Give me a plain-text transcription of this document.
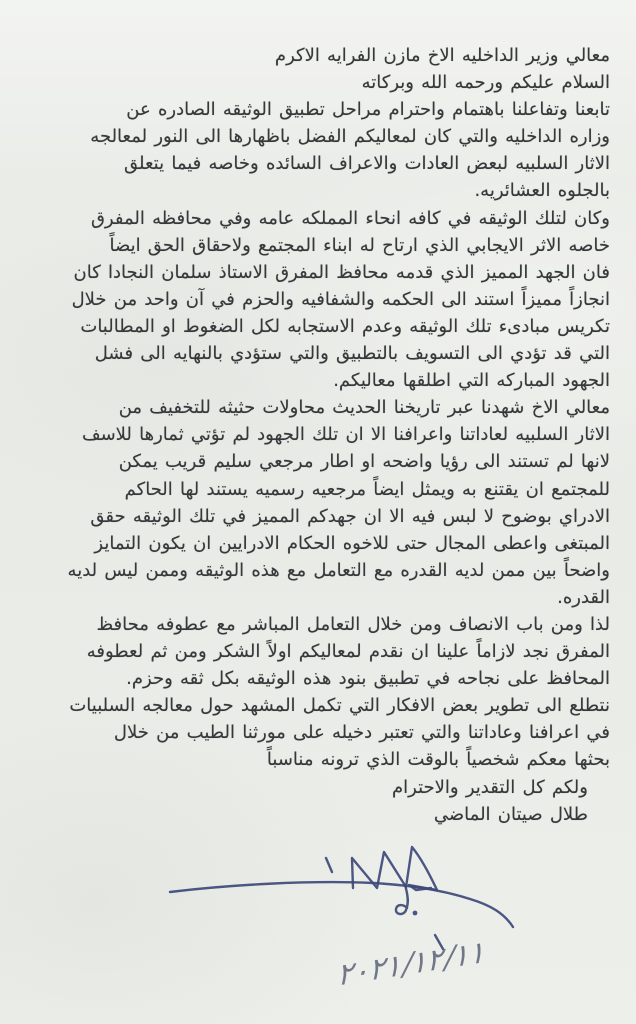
معالي وزير الداخليه الاخ مازن الفرايه الاكرم
السلام عليكم ورحمه الله وبركاته
تابعنا وتفاعلنا باهتمام واحترام مراحل تطبيق الوثيقه الصادره عن
وزاره الداخليه والتي كان لمعاليكم الفضل باظهارها الى النور لمعالجه
الاثار السلبيه لبعض العادات والاعراف السائده وخاصه فيما يتعلق
بالجلوه العشائريه.
وكان لتلك الوثيقه في كافه انحاء المملكه عامه وفي محافظه المفرق
خاصه الاثر الايجابي الذي ارتاح له ابناء المجتمع ولاحقاق الحق ايضاً
فان الجهد المميز الذي قدمه محافظ المفرق الاستاذ سلمان النجادا كان
انجازاً مميزاً استند الى الحكمه والشفافيه والحزم في آن واحد من خلال
تكريس مبادىء تلك الوثيقه وعدم الاستجابه لكل الضغوط او المطالبات
التي قد تؤدي الى التسويف بالتطبيق والتي ستؤدي بالنهايه الى فشل
الجهود المباركه التي اطلقها معاليكم.
معالي الاخ شهدنا عبر تاريخنا الحديث محاولات حثيثه للتخفيف من
الاثار السلبيه لعاداتنا واعرافنا الا ان تلك الجهود لم تؤتي ثمارها للاسف
لانها لم تستند الى رؤيا واضحه او اطار مرجعي سليم قريب يمكن
للمجتمع ان يقتنع به ويمثل ايضاً مرجعيه رسميه يستند لها الحاكم
الادراي بوضوح لا لبس فيه الا ان جهدكم المميز في تلك الوثيقه حقق
المبتغى واعطى المجال حتى للاخوه الحكام الادرايين ان يكون التمايز
واضحاً بين ممن لديه القدره مع التعامل مع هذه الوثيقه وممن ليس لديه
القدره.
لذا ومن باب الانصاف ومن خلال التعامل المباشر مع عطوفه محافظ
المفرق نجد لازاماً علينا ان نقدم لمعاليكم اولاً الشكر ومن ثم لعطوفه
المحافظ على نجاحه في تطبيق بنود هذه الوثيقه بكل ثقه وحزم.
نتطلع الى تطوير بعض الافكار التي تكمل المشهد حول معالجه السلبيات
في اعرافنا وعاداتنا والتي تعتبر دخيله على مورثنا الطيب من خلال
بحثها معكم شخصياً بالوقت الذي ترونه مناسباً
ولكم كل التقدير والاحترام
طلال صيتان الماضي
٢٠٢١/١٢/١١
